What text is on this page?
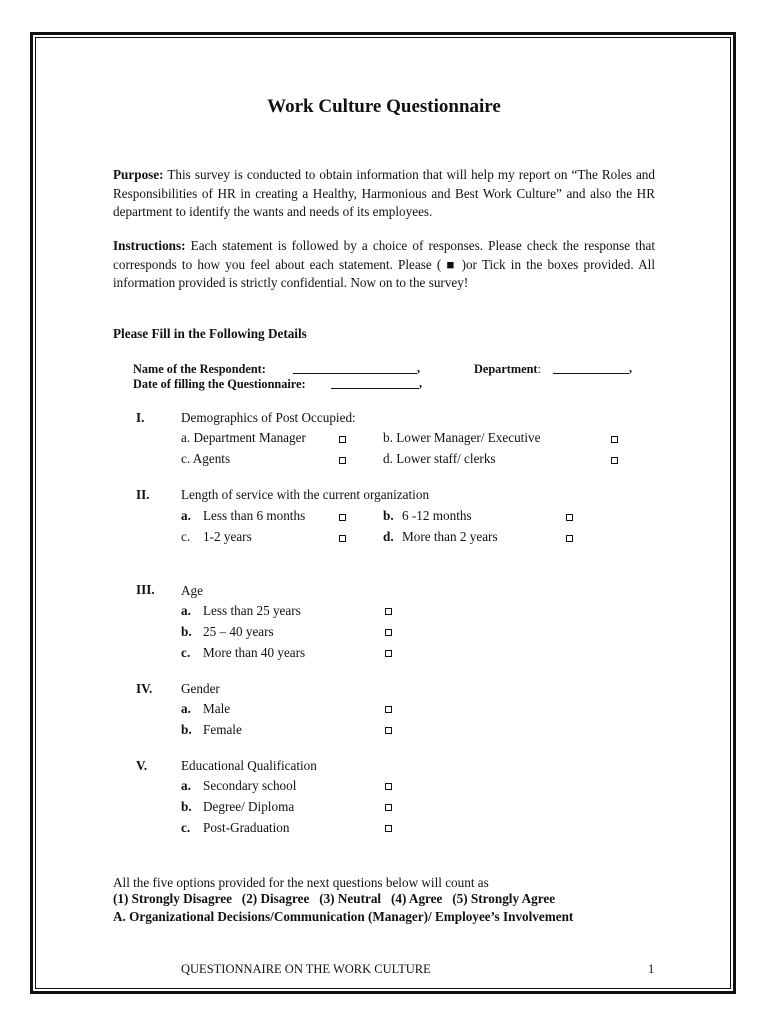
Work Culture Questionnaire
Purpose: This survey is conducted to obtain information that will help my report on “The Roles and Responsibilities of HR in creating a Healthy, Harmonious and Best Work Culture” and also the HR department to identify the wants and needs of its employees.
Instructions: Each statement is followed by a choice of responses. Please check the response that corresponds to how you feel about each statement. Please ( ■ )or Tick in the boxes provided. All information provided is strictly confidential. Now on to the survey!
Please Fill in the Following Details
Name of the Respondent:	,	Department:	,
Date of filling the Questionnaire:	,
I.	Demographics of Post Occupied:
a. Department Manager	b. Lower Manager/ Executive
c. Agents	d. Lower staff/ clerks
II. Length of service with the current organization
a. Less than 6 months	b. 6 -12 months
c. 1-2 years	d. More than 2 years
III. Age
a. Less than 25 years
b. 25 – 40 years
c. More than 40 years
IV. Gender
a. Male
b. Female
V.	Educational Qualification
a. Secondary school
b. Degree/ Diploma
c. Post-Graduation
All the five options provided for the next questions below will count as
(1) Strongly Disagree   (2) Disagree   (3) Neutral   (4) Agree   (5) Strongly Agree
A. Organizational Decisions/Communication (Manager)/ Employee’s Involvement
QUESTIONNAIRE ON THE WORK CULTURE	1
